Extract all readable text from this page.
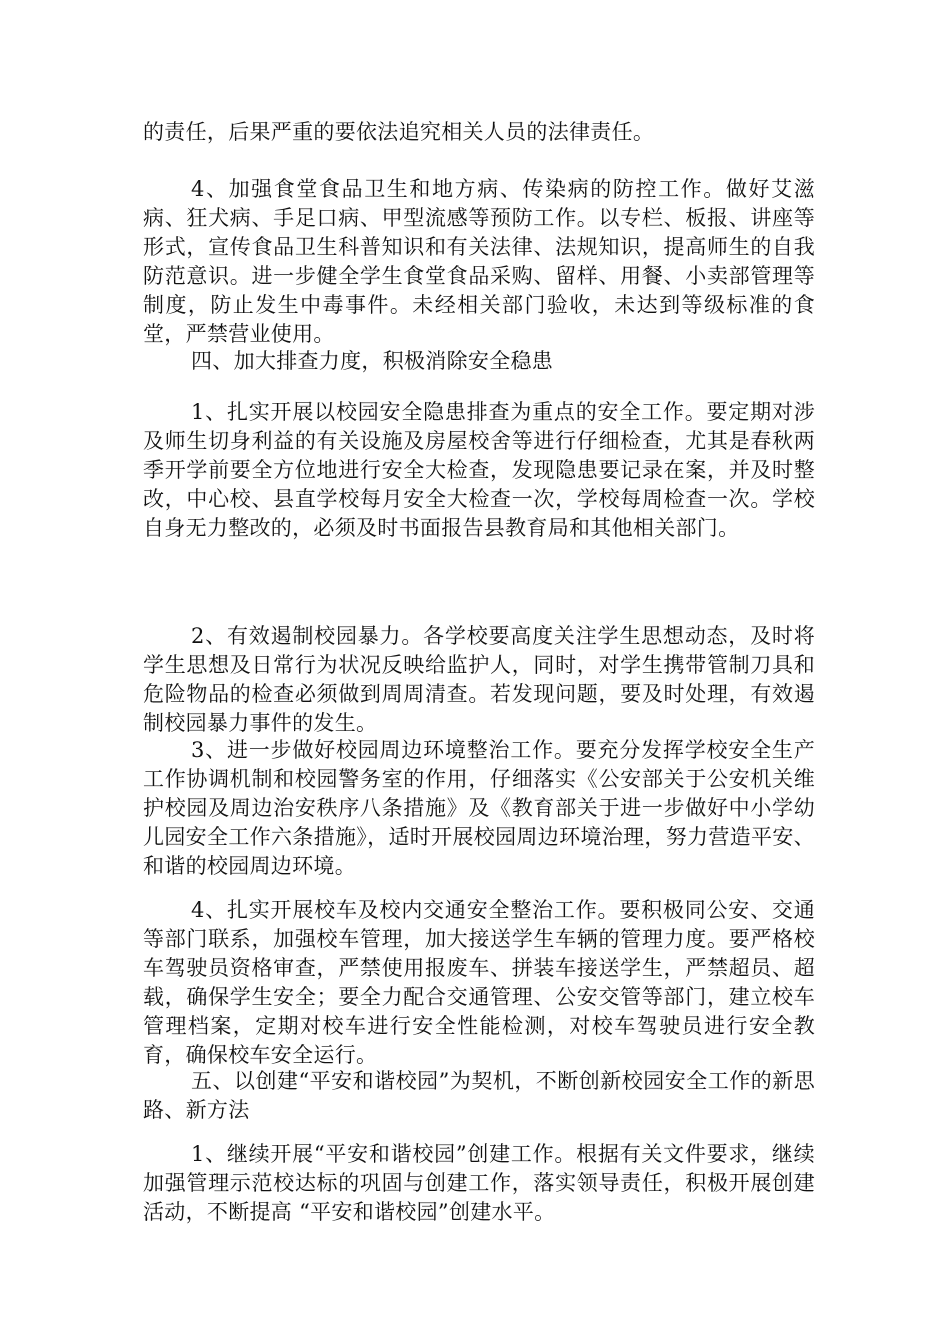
的责任，后果严重的要依法追究相关人员的法律责任。

4、加强食堂食品卫生和地方病、传染病的防控工作。做好艾滋病、狂犬病、手足口病、甲型流感等预防工作。以专栏、板报、讲座等形式，宣传食品卫生科普知识和有关法律、法规知识，提高师生的自我防范意识。进一步健全学生食堂食品采购、留样、用餐、小卖部管理等制度，防止发生中毒事件。未经相关部门验收，未达到等级标准的食堂，严禁营业使用。

四、加大排查力度，积极消除安全稳患

1、扎实开展以校园安全隐患排查为重点的安全工作。要定期对涉及师生切身利益的有关设施及房屋校舍等进行仔细检查，尤其是春秋两季开学前要全方位地进行安全大检查，发现隐患要记录在案，并及时整改，中心校、县直学校每月安全大检查一次，学校每周检查一次。学校自身无力整改的，必须及时书面报告县教育局和其他相关部门。

2、有效遏制校园暴力。各学校要高度关注学生思想动态，及时将学生思想及日常行为状况反映给监护人，同时，对学生携带管制刀具和危险物品的检查必须做到周周清查。若发现问题，要及时处理，有效遏制校园暴力事件的发生。

3、进一步做好校园周边环境整治工作。要充分发挥学校安全生产工作协调机制和校园警务室的作用，仔细落实《公安部关于公安机关维护校园及周边治安秩序八条措施》及《教育部关于进一步做好中小学幼儿园安全工作六条措施》，适时开展校园周边环境治理，努力营造平安、和谐的校园周边环境。

4、扎实开展校车及校内交通安全整治工作。要积极同公安、交通等部门联系，加强校车管理，加大接送学生车辆的管理力度。要严格校车驾驶员资格审查，严禁使用报废车、拼装车接送学生，严禁超员、超载，确保学生安全；要全力配合交通管理、公安交管等部门，建立校车管理档案，定期对校车进行安全性能检测，对校车驾驶员进行安全教育，确保校车安全运行。

五、以创建“平安和谐校园”为契机，不断创新校园安全工作的新思路、新方法

1、继续开展“平安和谐校园”创建工作。根据有关文件要求，继续加强管理示范校达标的巩固与创建工作，落实领导责任，积极开展创建活动，不断提高 “平安和谐校园”创建水平。
